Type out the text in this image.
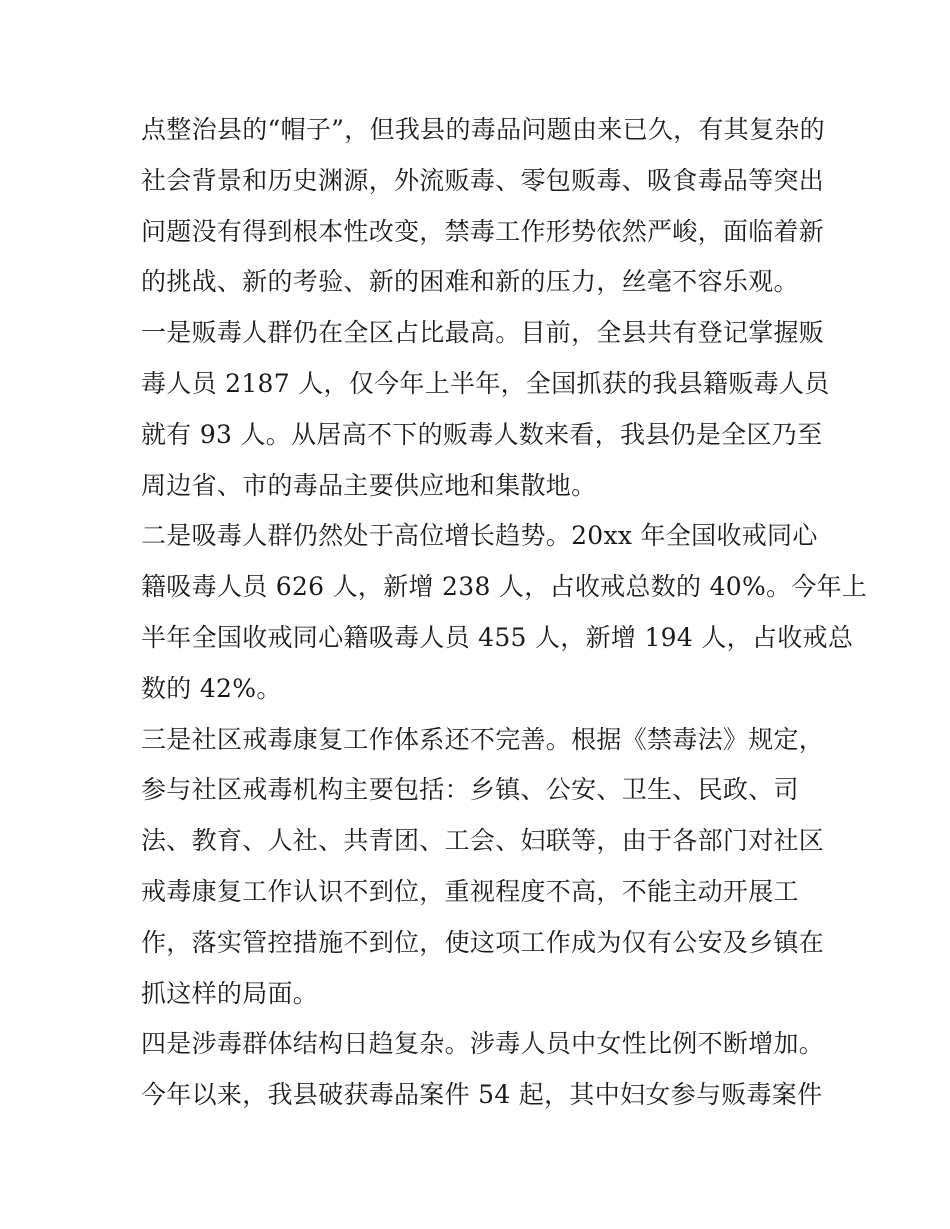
点整治县的“帽子”，但我县的毒品问题由来已久，有其复杂的
社会背景和历史渊源，外流贩毒、零包贩毒、吸食毒品等突出
问题没有得到根本性改变，禁毒工作形势依然严峻，面临着新
的挑战、新的考验、新的困难和新的压力，丝毫不容乐观。
一是贩毒人群仍在全区占比最高。目前，全县共有登记掌握贩
毒人员 2187 人，仅今年上半年，全国抓获的我县籍贩毒人员
就有 93 人。从居高不下的贩毒人数来看，我县仍是全区乃至
周边省、市的毒品主要供应地和集散地。
二是吸毒人群仍然处于高位增长趋势。20xx 年全国收戒同心
籍吸毒人员 626 人，新增 238 人，占收戒总数的 40%。今年上
半年全国收戒同心籍吸毒人员 455 人，新增 194 人，占收戒总
数的 42%。
三是社区戒毒康复工作体系还不完善。根据《禁毒法》规定，
参与社区戒毒机构主要包括：乡镇、公安、卫生、民政、司
法、教育、人社、共青团、工会、妇联等，由于各部门对社区
戒毒康复工作认识不到位，重视程度不高，不能主动开展工
作，落实管控措施不到位，使这项工作成为仅有公安及乡镇在
抓这样的局面。
四是涉毒群体结构日趋复杂。涉毒人员中女性比例不断增加。
今年以来，我县破获毒品案件 54 起，其中妇女参与贩毒案件
